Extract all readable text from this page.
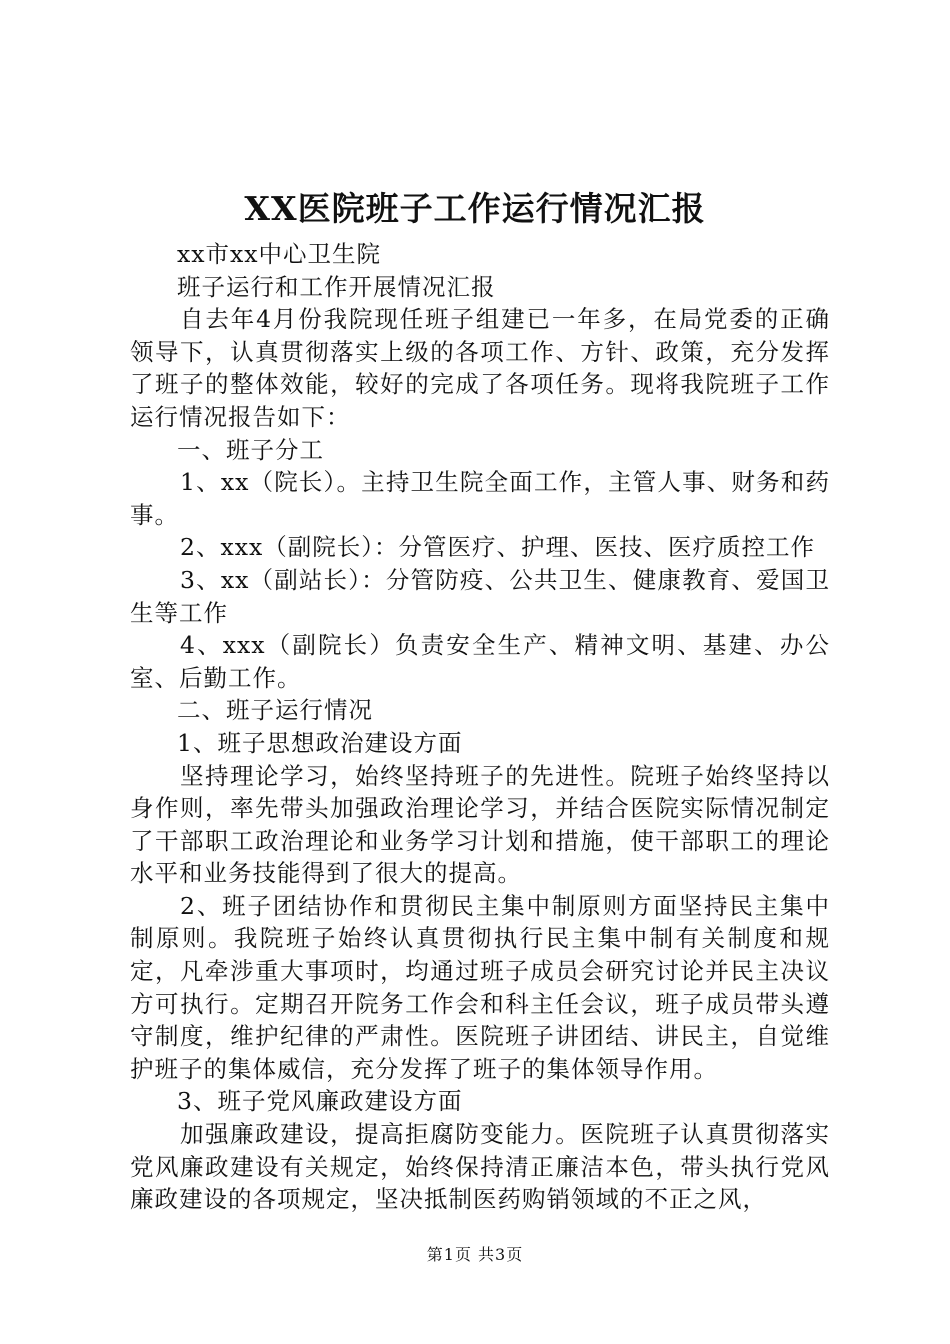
XX医院班子工作运行情况汇报

xx市xx中心卫生院

班子运行和工作开展情况汇报

自去年4月份我院现任班子组建已一年多，在局党委的正确领导下，认真贯彻落实上级的各项工作、方针、政策，充分发挥了班子的整体效能，较好的完成了各项任务。现将我院班子工作运行情况报告如下：

一、班子分工

1、xx（院长）。主持卫生院全面工作，主管人事、财务和药事。

2、xxx（副院长）：分管医疗、护理、医技、医疗质控工作

3、xx（副站长）：分管防疫、公共卫生、健康教育、爱国卫生等工作

4、xxx（副院长）负责安全生产、精神文明、基建、办公室、后勤工作。

二、班子运行情况

1、班子思想政治建设方面

坚持理论学习，始终坚持班子的先进性。院班子始终坚持以身作则，率先带头加强政治理论学习，并结合医院实际情况制定了干部职工政治理论和业务学习计划和措施，使干部职工的理论水平和业务技能得到了很大的提高。

2、班子团结协作和贯彻民主集中制原则方面坚持民主集中制原则。我院班子始终认真贯彻执行民主集中制有关制度和规定，凡牵涉重大事项时，均通过班子成员会研究讨论并民主决议方可执行。定期召开院务工作会和科主任会议，班子成员带头遵守制度，维护纪律的严肃性。医院班子讲团结、讲民主，自觉维护班子的集体威信，充分发挥了班子的集体领导作用。

3、班子党风廉政建设方面

加强廉政建设，提高拒腐防变能力。医院班子认真贯彻落实党风廉政建设有关规定，始终保持清正廉洁本色，带头执行党风廉政建设的各项规定，坚决抵制医药购销领域的不正之风，

第1页 共3页
